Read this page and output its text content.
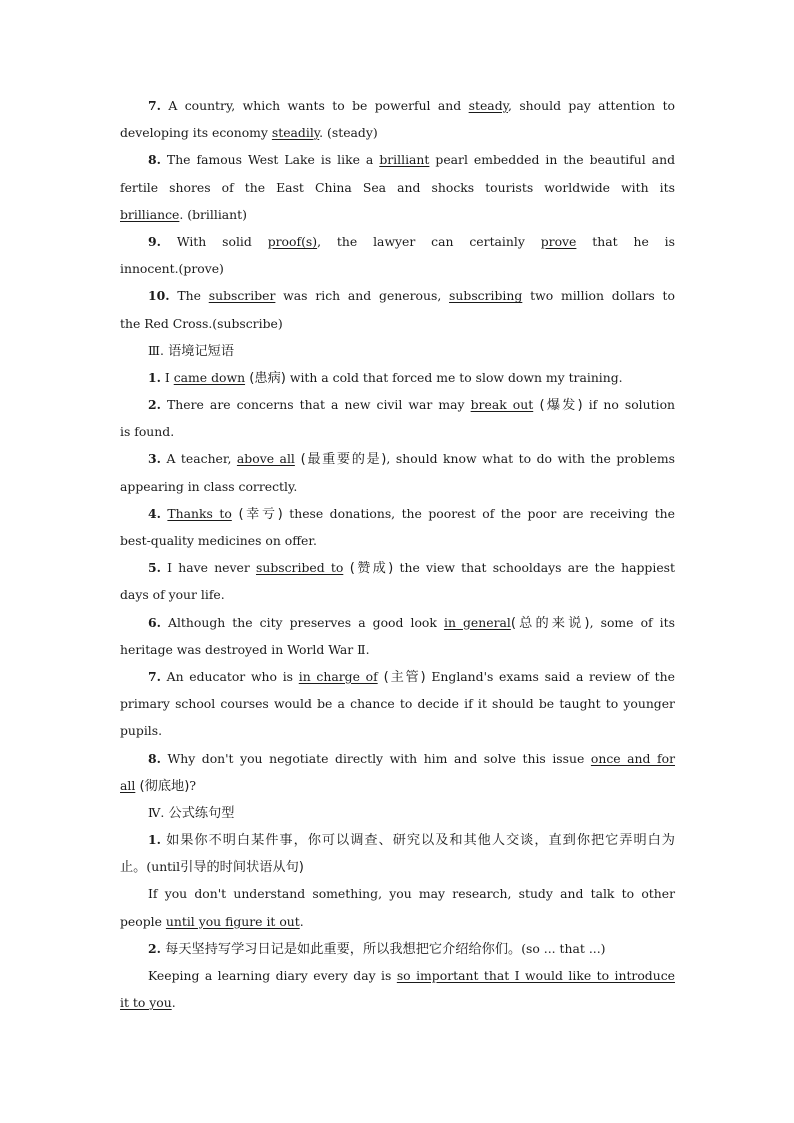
7. A country, which wants to be powerful and steady, should pay attention to
developing its economy steadily. (steady)
8. The famous West Lake is like a brilliant pearl embedded in the beautiful and
fertile shores of the East China Sea and shocks tourists worldwide with its
brilliance. (brilliant)
9. With solid proof(s), the lawyer can certainly prove that he is
innocent.(prove)
10. The subscriber was rich and generous, subscribing two million dollars to
the Red Cross.(subscribe)
Ⅲ. 语境记短语
1. I came down (患病) with a cold that forced me to slow down my training.
2. There are concerns that a new civil war may break out (爆发) if no solution
is found.
3. A teacher, above all (最重要的是), should know what to do with the problems
appearing in class correctly.
4. Thanks to (幸亏) these donations, the poorest of the poor are receiving the
best-quality medicines on offer.
5. I have never subscribed to (赞成) the view that schooldays are the happiest
days of your life.
6. Although the city preserves a good look in general(总的来说), some of its
heritage was destroyed in World War Ⅱ.
7. An educator who is in charge of (主管) England's exams said a review of the
primary school courses would be a chance to decide if it should be taught to younger
pupils.
8. Why don't you negotiate directly with him and solve this issue once and for
all (彻底地)?
Ⅳ. 公式练句型
1. 如果你不明白某件事，你可以调查、研究以及和其他人交谈，直到你把它弄明白为
止。(until引导的时间状语从句)
If you don't understand something, you may research, study and talk to other
people until you figure it out.
2. 每天坚持写学习日记是如此重要，所以我想把它介绍给你们。(so ... that ...)
Keeping a learning diary every day is so important that I would like to introduce
it to you.
